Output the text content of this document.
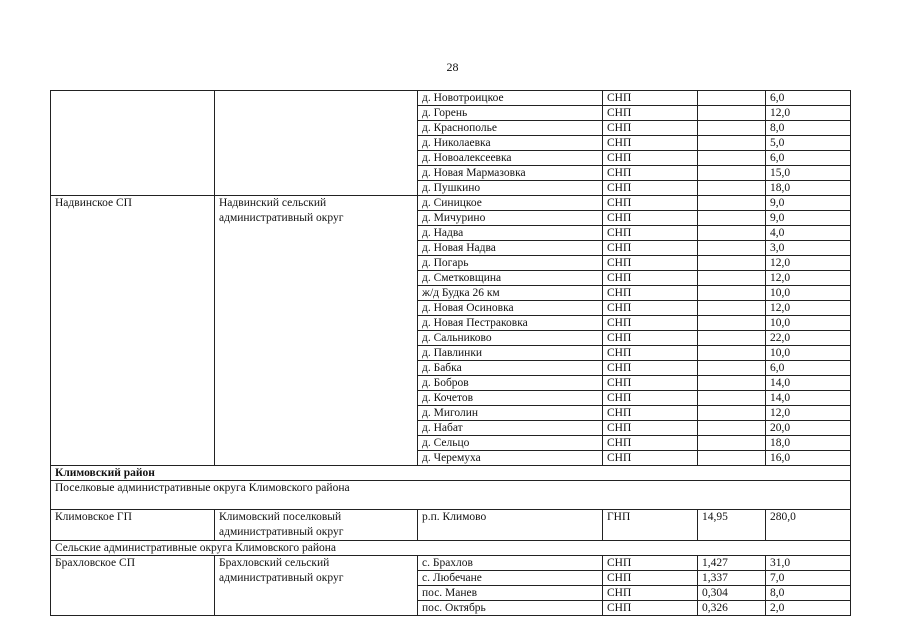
28
		д. Новотроицкое	СНП		6,0
		д. Горень	СНП		12,0
		д. Краснополье	СНП		8,0
		д. Николаевка	СНП		5,0
		д. Новоалексеевка	СНП		6,0
		д. Новая Мармазовка	СНП		15,0
		д. Пушкино	СНП		18,0
Надвинское СП	Надвинский сельский административный округ	д. Синицкое	СНП		9,0
		д. Мичурино	СНП		9,0
		д. Надва	СНП		4,0
		д. Новая Надва	СНП		3,0
		д. Погарь	СНП		12,0
		д. Сметковщина	СНП		12,0
		ж/д Будка 26 км	СНП		10,0
		д. Новая Осиновка	СНП		12,0
		д. Новая Пестраковка	СНП		10,0
		д. Сальниково	СНП		22,0
		д. Павлинки	СНП		10,0
		д. Бабка	СНП		6,0
		д. Бобров	СНП		14,0
		д. Кочетов	СНП		14,0
		д. Миголин	СНП		12,0
		д. Набат	СНП		20,0
		д. Сельцо	СНП		18,0
		д. Черемуха	СНП		16,0
Климовский район					
Поселковые административные округа Климовского района					
Климовское ГП	Климовский поселковый административный округ	р.п. Климово	ГНП	14,95	280,0
Сельские административные округа Климовского района					
Брахловское СП	Брахловский сельский административный округ	с. Брахлов	СНП	1,427	31,0
		с. Любечане	СНП	1,337	7,0
		пос. Манев	СНП	0,304	8,0
		пос. Октябрь	СНП	0,326	2,0
